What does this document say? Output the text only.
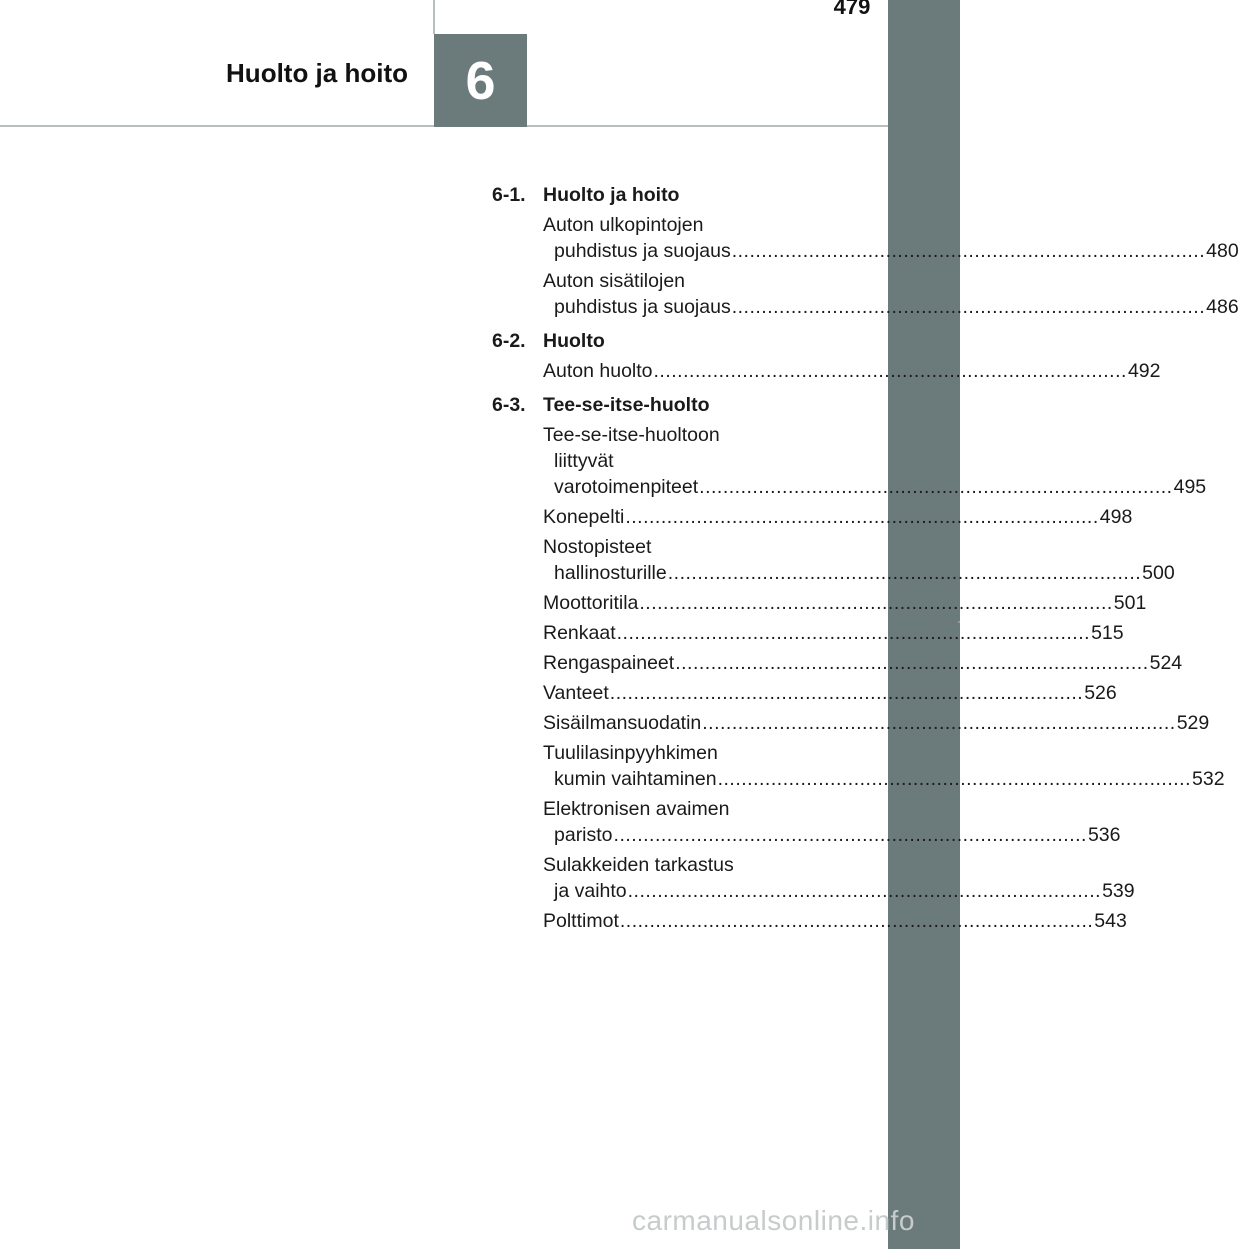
479
Huolto ja hoito	6
6-1. Huolto ja hoito
Auton ulkopintojen
puhdistus ja suojaus ................................................................................ 480
Auton sisätilojen
puhdistus ja suojaus ................................................................................ 486
6-2. Huolto
Auton huolto ................................................................................ 492
6-3. Tee-se-itse-huolto
Tee-se-itse-huoltoon
liittyvät
varotoimenpiteet ................................................................................ 495
Konepelti ................................................................................ 498
Nostopisteet
hallinosturille ................................................................................ 500
Moottoritila ................................................................................ 501
Renkaat ................................................................................ 515
Rengaspaineet ................................................................................ 524
Vanteet ................................................................................ 526
Sisäilmansuodatin ................................................................................ 529
Tuulilasinpyyhkimen
kumin vaihtaminen ................................................................................ 532
Elektronisen avaimen
paristo ................................................................................ 536
Sulakkeiden tarkastus
ja vaihto ................................................................................ 539
Polttimot ................................................................................ 543
carmanualsonline.info
